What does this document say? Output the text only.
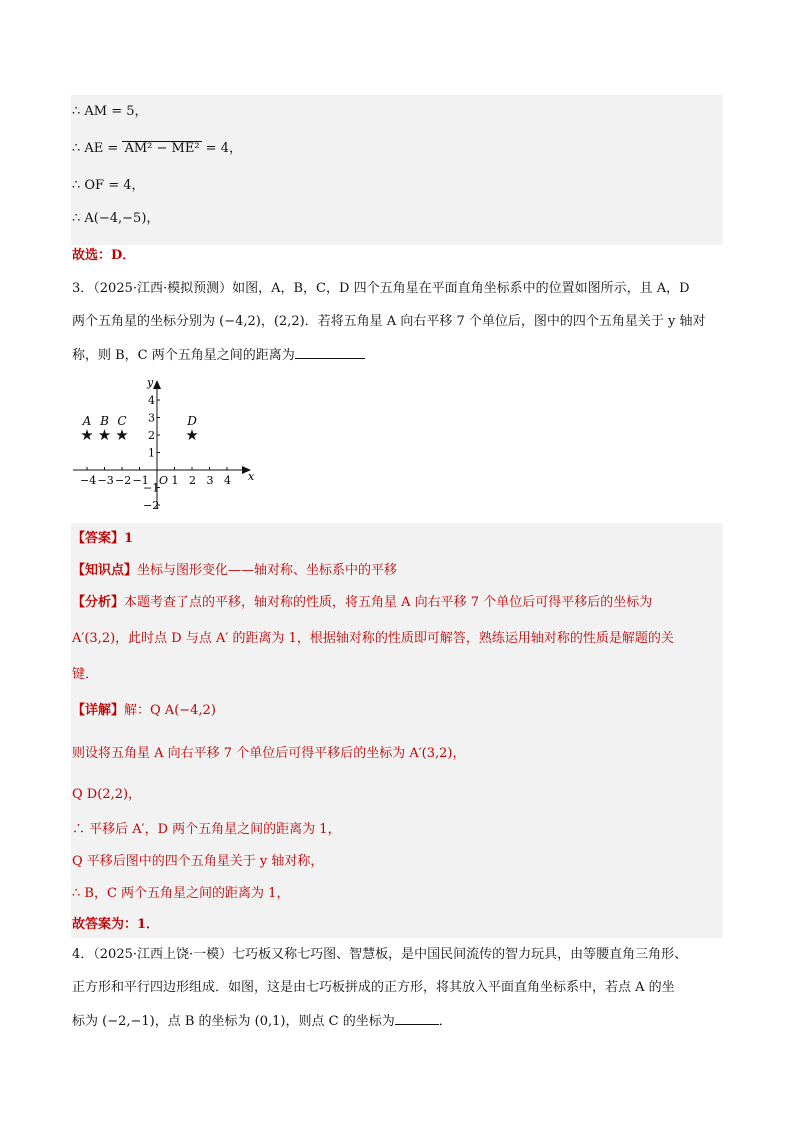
∴ AM = 5，
∴ AE = AM² − ME² = 4，
∴ OF = 4，
∴ A(−4,−5)，
故选：D．
3．（2025·江西·模拟预测）如图，A，B，C，D 四个五角星在平面直角坐标系中的位置如图所示，且 A，D
两个五角星的坐标分别为 (−4,2)，(2,2)．若将五角星 A 向右平移 7 个单位后，图中的四个五角星关于 y 轴对
称，则 B，C 两个五角星之间的距离为
x
y
−4 −3 −2 −1 O 1 2 3 4
4
3
2
1
−1
−2
★
A
★
B
★
C
★
D
【答案】1
【知识点】坐标与图形变化——轴对称、坐标系中的平移
【分析】本题考查了点的平移，轴对称的性质，将五角星 A 向右平移 7 个单位后可得平移后的坐标为
A′(3,2)，此时点 D 与点 A′ 的距离为 1，根据轴对称的性质即可解答，熟练运用轴对称的性质是解题的关
键．
【详解】解：Q A(−4,2)
则设将五角星 A 向右平移 7 个单位后可得平移后的坐标为 A′(3,2)，
Q D(2,2)，
∴ 平移后 A′，D 两个五角星之间的距离为 1，
Q 平移后图中的四个五角星关于 y 轴对称，
∴ B，C 两个五角星之间的距离为 1，
故答案为：1．
4．（2025·江西上饶·一模）七巧板又称七巧图、智慧板，是中国民间流传的智力玩具，由等腰直角三角形、
正方形和平行四边形组成．如图，这是由七巧板拼成的正方形，将其放入平面直角坐标系中，若点 A 的坐
标为 (−2,−1)，点 B 的坐标为 (0,1)，则点 C 的坐标为	．
